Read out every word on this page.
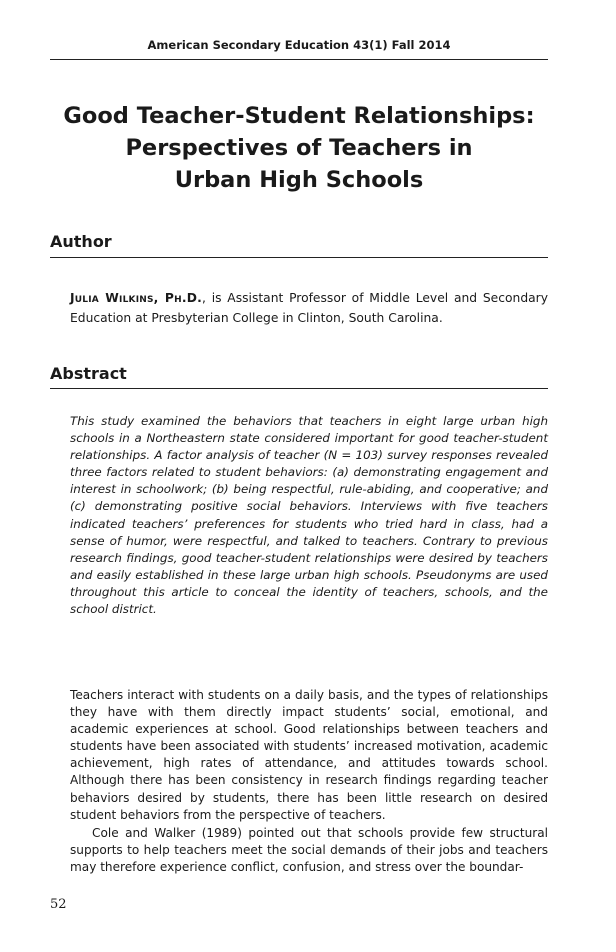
American Secondary Education 43(1) Fall 2014
Good Teacher-Student Relationships:
Perspectives of Teachers in
Urban High Schools
Author

Julia Wilkins, Ph.D., is Assistant Professor of Middle Level and Secondary Education at Presbyterian College in Clinton, South Carolina.

Abstract

This study examined the behaviors that teachers in eight large urban high schools in a Northeastern state considered important for good teacher-student relationships. A factor analysis of teacher (N = 103) survey responses revealed three factors related to student behaviors: (a) demonstrating engagement and interest in schoolwork; (b) being respectful, rule-abiding, and cooperative; and (c) demonstrating positive social behaviors. Interviews with five teachers indicated teachers’ preferences for students who tried hard in class, had a sense of humor, were respectful, and talked to teachers. Contrary to previous research findings, good teacher-student relationships were desired by teachers and easily established in these large urban high schools. Pseudonyms are used throughout this article to conceal the identity of teachers, schools, and the school district.

Teachers interact with students on a daily basis, and the types of relationships they have with them directly impact students’ social, emotional, and academic experiences at school. Good relationships between teachers and students have been associated with students’ increased motivation, academic achievement, high rates of attendance, and attitudes towards school. Although there has been consistency in research findings regarding teacher behaviors desired by students, there has been little research on desired student behaviors from the perspective of teachers.

Cole and Walker (1989) pointed out that schools provide few structural supports to help teachers meet the social demands of their jobs and teachers may therefore experience conflict, confusion, and stress over the boundar-

52
